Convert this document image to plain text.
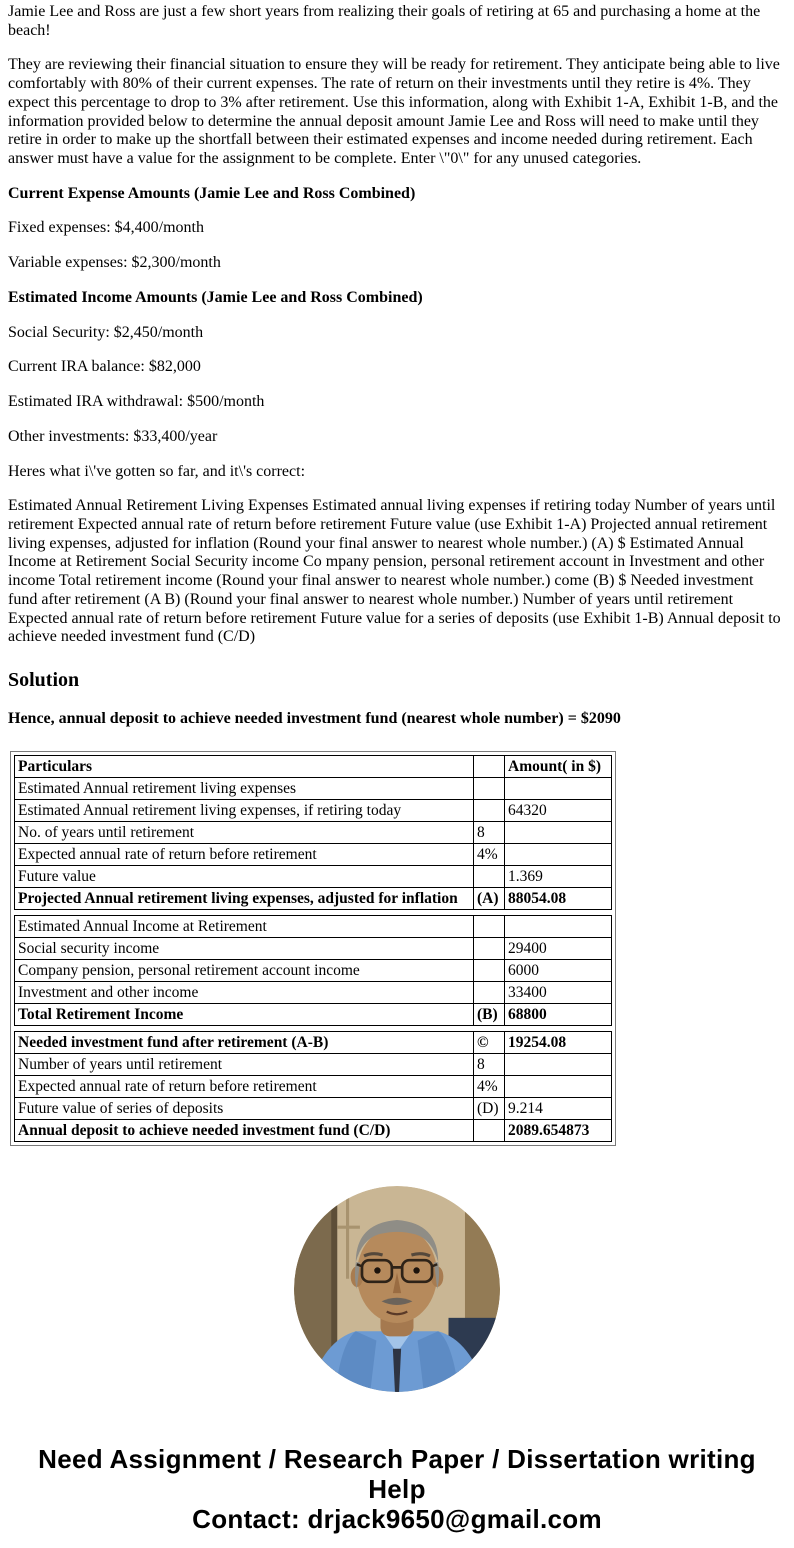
Jamie Lee and Ross are just a few short years from realizing their goals of retiring at 65 and purchasing a home at the beach!

They are reviewing their financial situation to ensure they will be ready for retirement. They anticipate being able to live comfortably with 80% of their current expenses. The rate of return on their investments until they retire is 4%. They expect this percentage to drop to 3% after retirement. Use this information, along with Exhibit 1-A, Exhibit 1-B, and the information provided below to determine the annual deposit amount Jamie Lee and Ross will need to make until they retire in order to make up the shortfall between their estimated expenses and income needed during retirement. Each answer must have a value for the assignment to be complete. Enter \"0\" for any unused categories.

Current Expense Amounts (Jamie Lee and Ross Combined)

Fixed expenses: $4,400/month

Variable expenses: $2,300/month

Estimated Income Amounts (Jamie Lee and Ross Combined)

Social Security: $2,450/month

Current IRA balance: $82,000

Estimated IRA withdrawal: $500/month

Other investments: $33,400/year

Heres what i\'ve gotten so far, and it\'s correct:

Estimated Annual Retirement Living Expenses Estimated annual living expenses if retiring today Number of years until retirement Expected annual rate of return before retirement Future value (use Exhibit 1-A) Projected annual retirement living expenses, adjusted for inflation (Round your final answer to nearest whole number.) (A) $ Estimated Annual Income at Retirement Social Security income Co mpany pension, personal retirement account in Investment and other income Total retirement income (Round your final answer to nearest whole number.) come (B) $ Needed investment fund after retirement (A B) (Round your final answer to nearest whole number.) Number of years until retirement Expected annual rate of return before retirement Future value for a series of deposits (use Exhibit 1-B) Annual deposit to achieve needed investment fund (C/D)

Solution

Hence, annual deposit to achieve needed investment fund (nearest whole number) = $2090

Particulars		Amount( in $)
Estimated Annual retirement living expenses		
Estimated Annual retirement living expenses, if retiring today		64320
No. of years until retirement	8	
Expected annual rate of return before retirement	4%	
Future value		1.369
Projected Annual retirement living expenses, adjusted for inflation	(A)	88054.08
Estimated Annual Income at Retirement		
Social security income		29400
Company pension, personal retirement account income		6000
Investment and other income		33400
Total Retirement Income	(B)	68800
Needed investment fund after retirement (A-B)	©	19254.08
Number of years until retirement	8	
Expected annual rate of return before retirement	4%	
Future value of series of deposits	(D)	9.214
Annual deposit to achieve needed investment fund (C/D)		2089.654873
Need Assignment / Research Paper / Dissertation writing Help
Contact: drjack9650@gmail.com
